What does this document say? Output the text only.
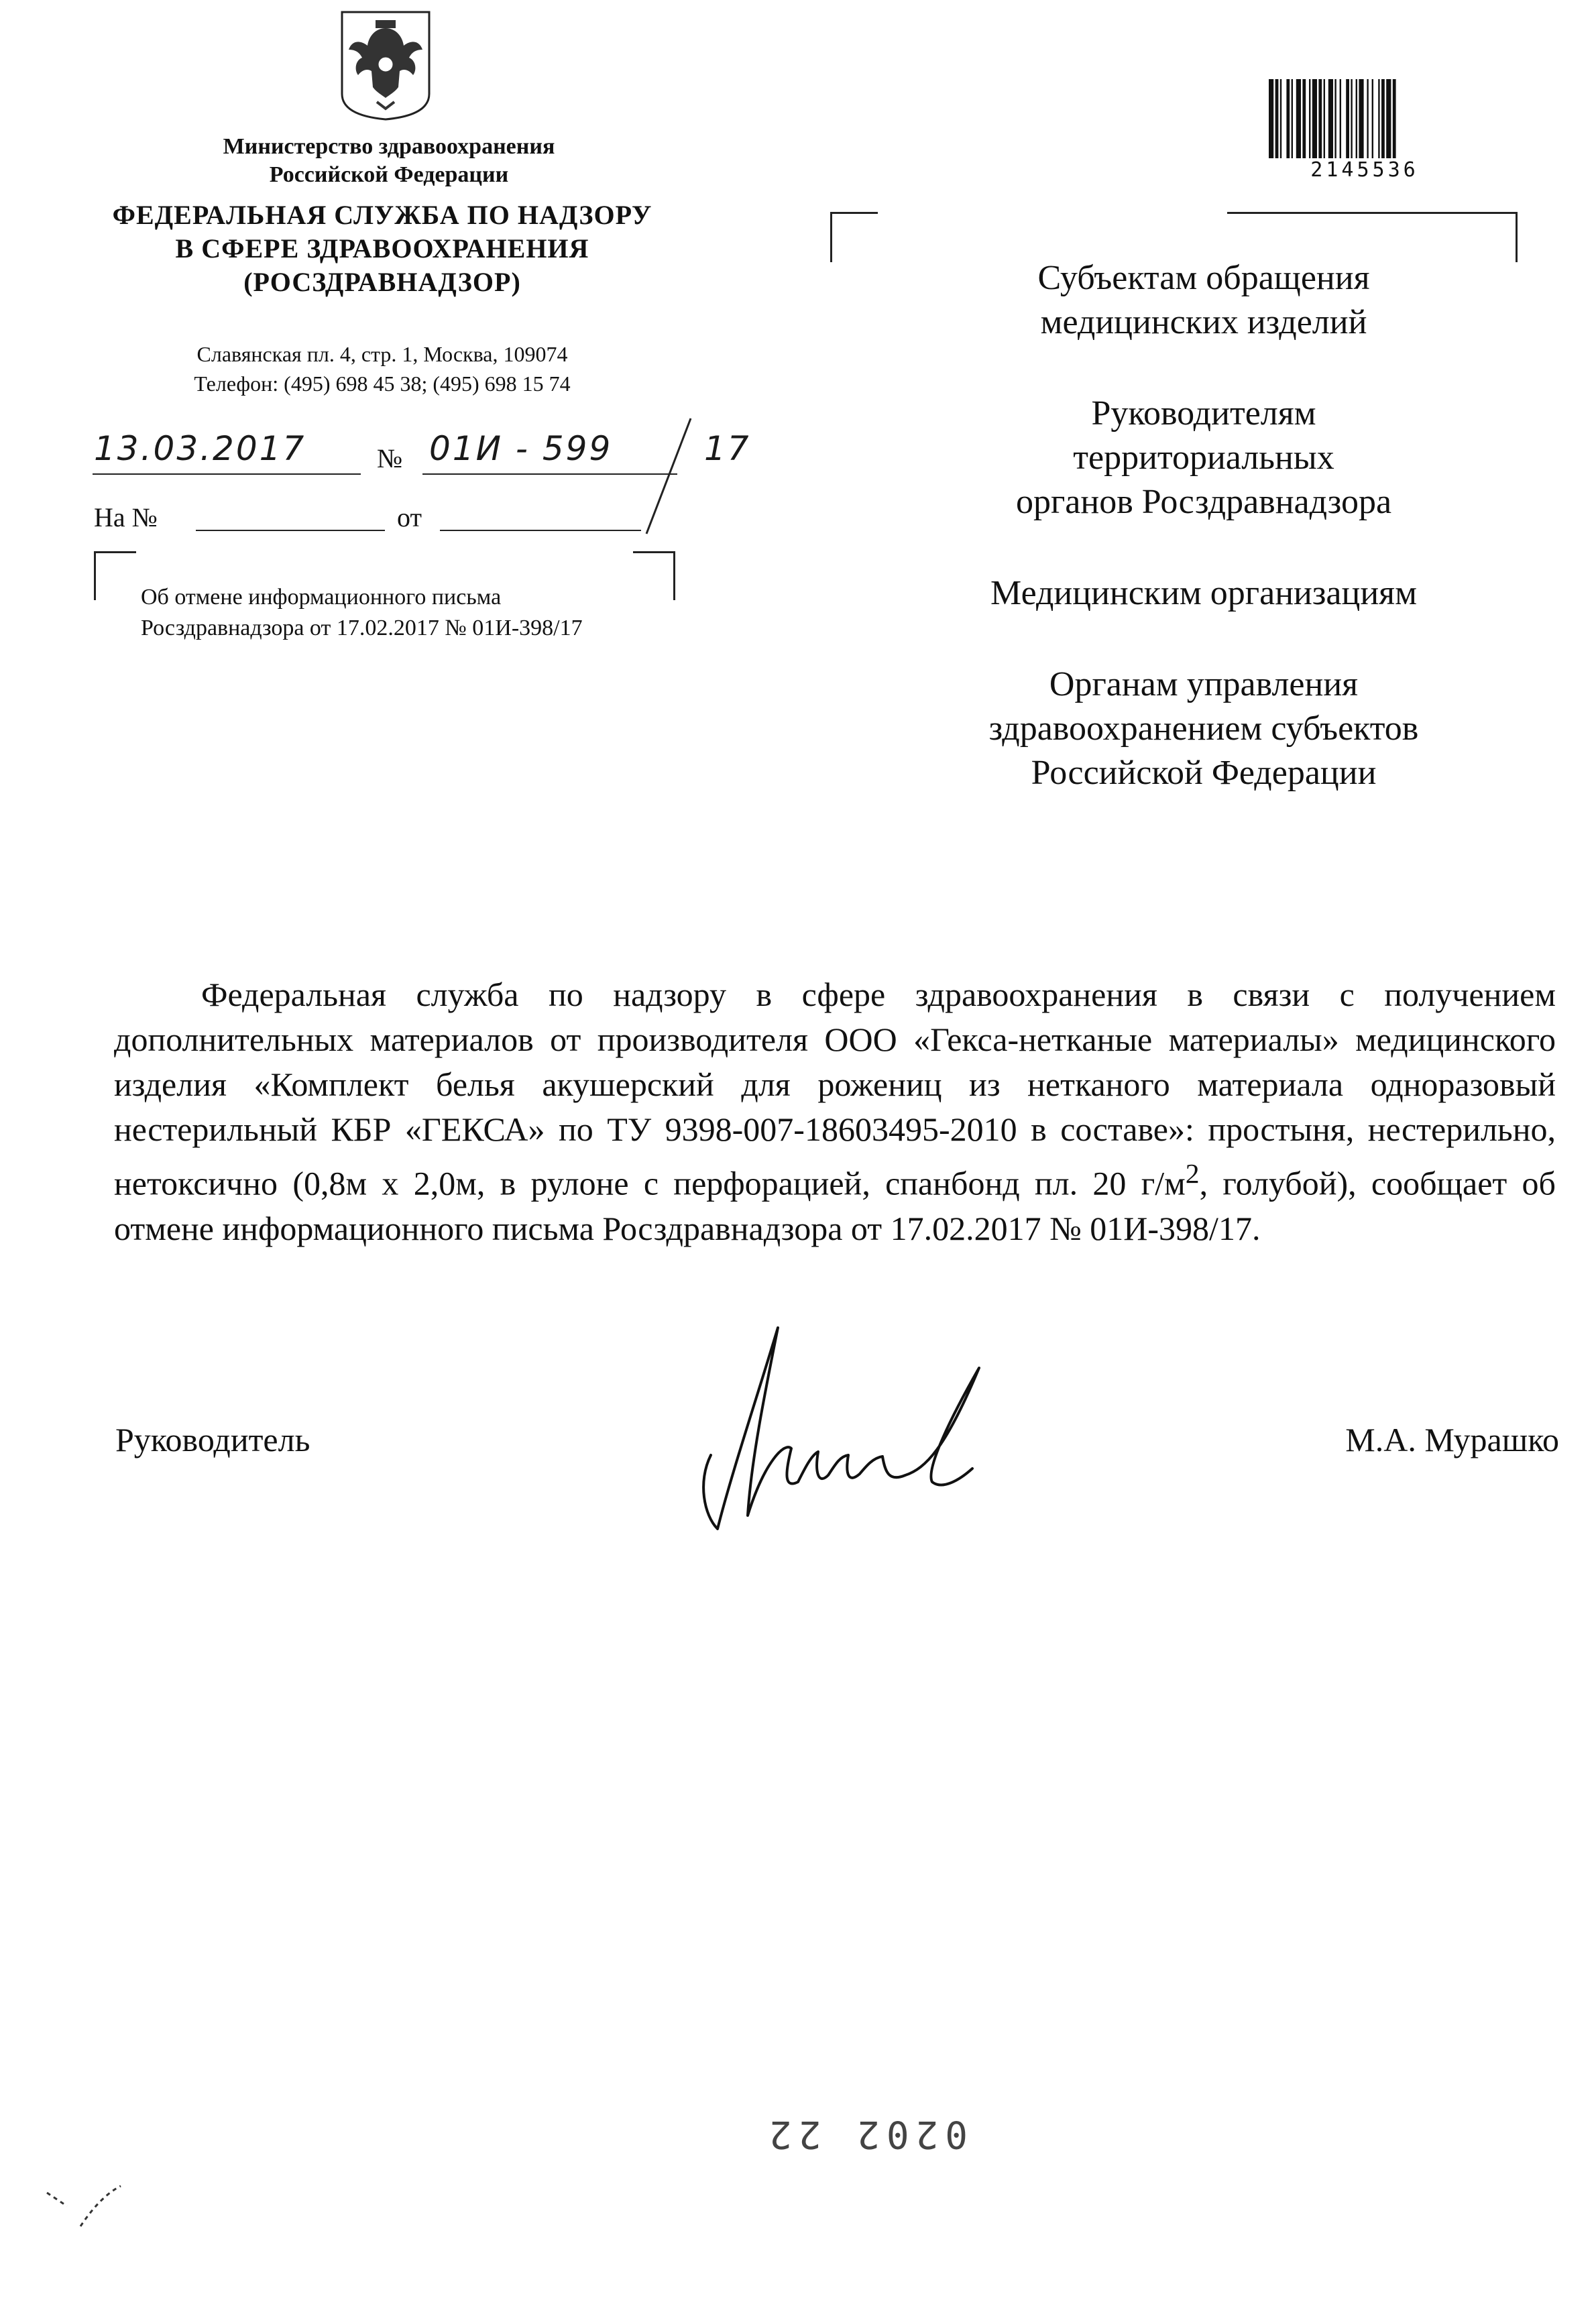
Министерство здравоохранения
Российской Федерации
ФЕДЕРАЛЬНАЯ СЛУЖБА ПО НАДЗОРУ
В СФЕРЕ ЗДРАВООХРАНЕНИЯ
(РОСЗДРАВНАДЗОР)
Славянская пл. 4, стр. 1, Москва, 109074
Телефон: (495) 698 45 38; (495) 698 15 74
13.03.2017	№ 01И - 599	17
На №	от
Об отмене информационного письма
Росздравнадзора от 17.02.2017 № 01И-398/17
2145536

Субъектам обращения
медицинских изделий

Руководителям
территориальных
органов Росздравнадзора

Медицинским организациям

Органам управления
здравоохранением субъектов
Российской Федерации

Федеральная служба по надзору в сфере здравоохранения в связи с получением дополнительных материалов от производителя ООО «Гекса-нетканые материалы» медицинского изделия «Комплект белья акушерский для рожениц из нетканого материала одноразовый нестерильный КБР «ГЕКСА» по ТУ 9398-007-18603495-2010 в составе»: простыня, нестерильно, нетоксично (0,8м х 2,0м, в рулоне с перфорацией, спанбонд пл. 20 $г/м^2$, голубой), сообщает об отмене информационного письма Росздравнадзора от 17.02.2017 № 01И-398/17.

Руководитель	М.А. Мурашко
0202 22
